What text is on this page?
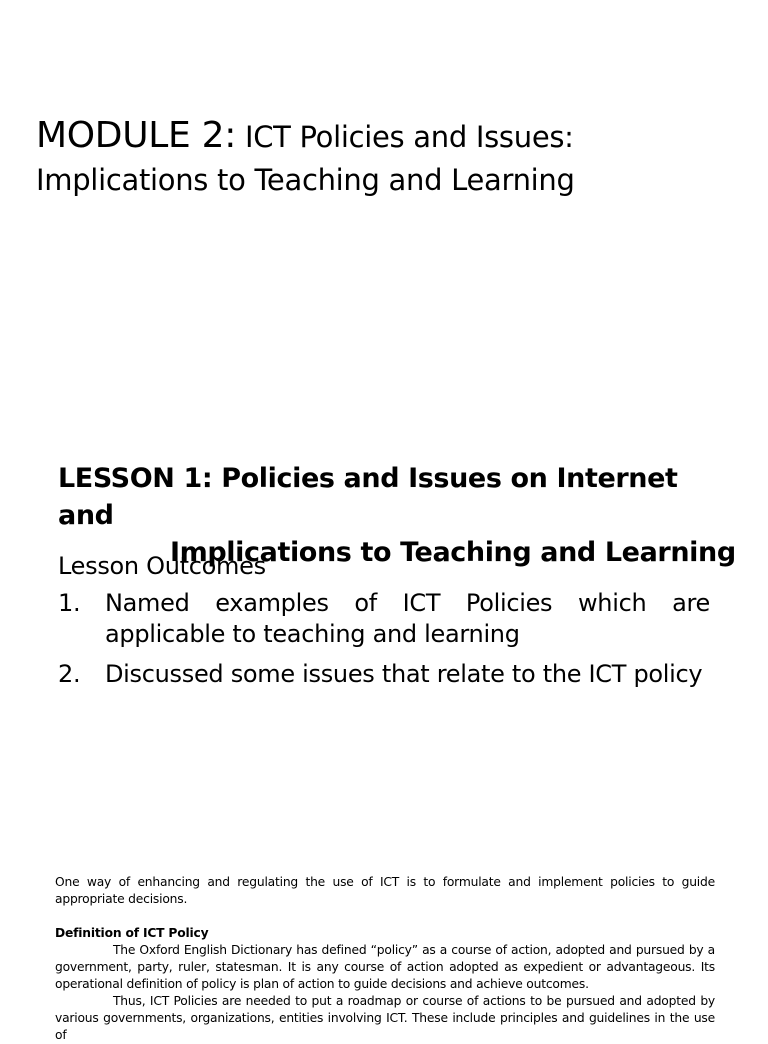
MODULE 2: ICT Policies and Issues:
Implications to Teaching and Learning
LESSON 1: Policies and Issues on Internet and
Implications to Teaching and Learning
Lesson Outcomes
1.	Named examples of ICT Policies which are applicable to teaching and learning
2.	Discussed some issues that relate to the ICT policy

One way of enhancing and regulating the use of ICT is to formulate and implement policies to guide appropriate decisions.

Definition of ICT Policy

The Oxford English Dictionary has defined “policy” as a course of action, adopted and pursued by a government, party, ruler, statesman. It is any course of action adopted as expedient or advantageous. Its operational definition of policy is plan of action to guide decisions and achieve outcomes.

Thus, ICT Policies are needed to put a roadmap or course of actions to be pursued and adopted by various governments, organizations, entities involving ICT. These include principles and guidelines in the use of
